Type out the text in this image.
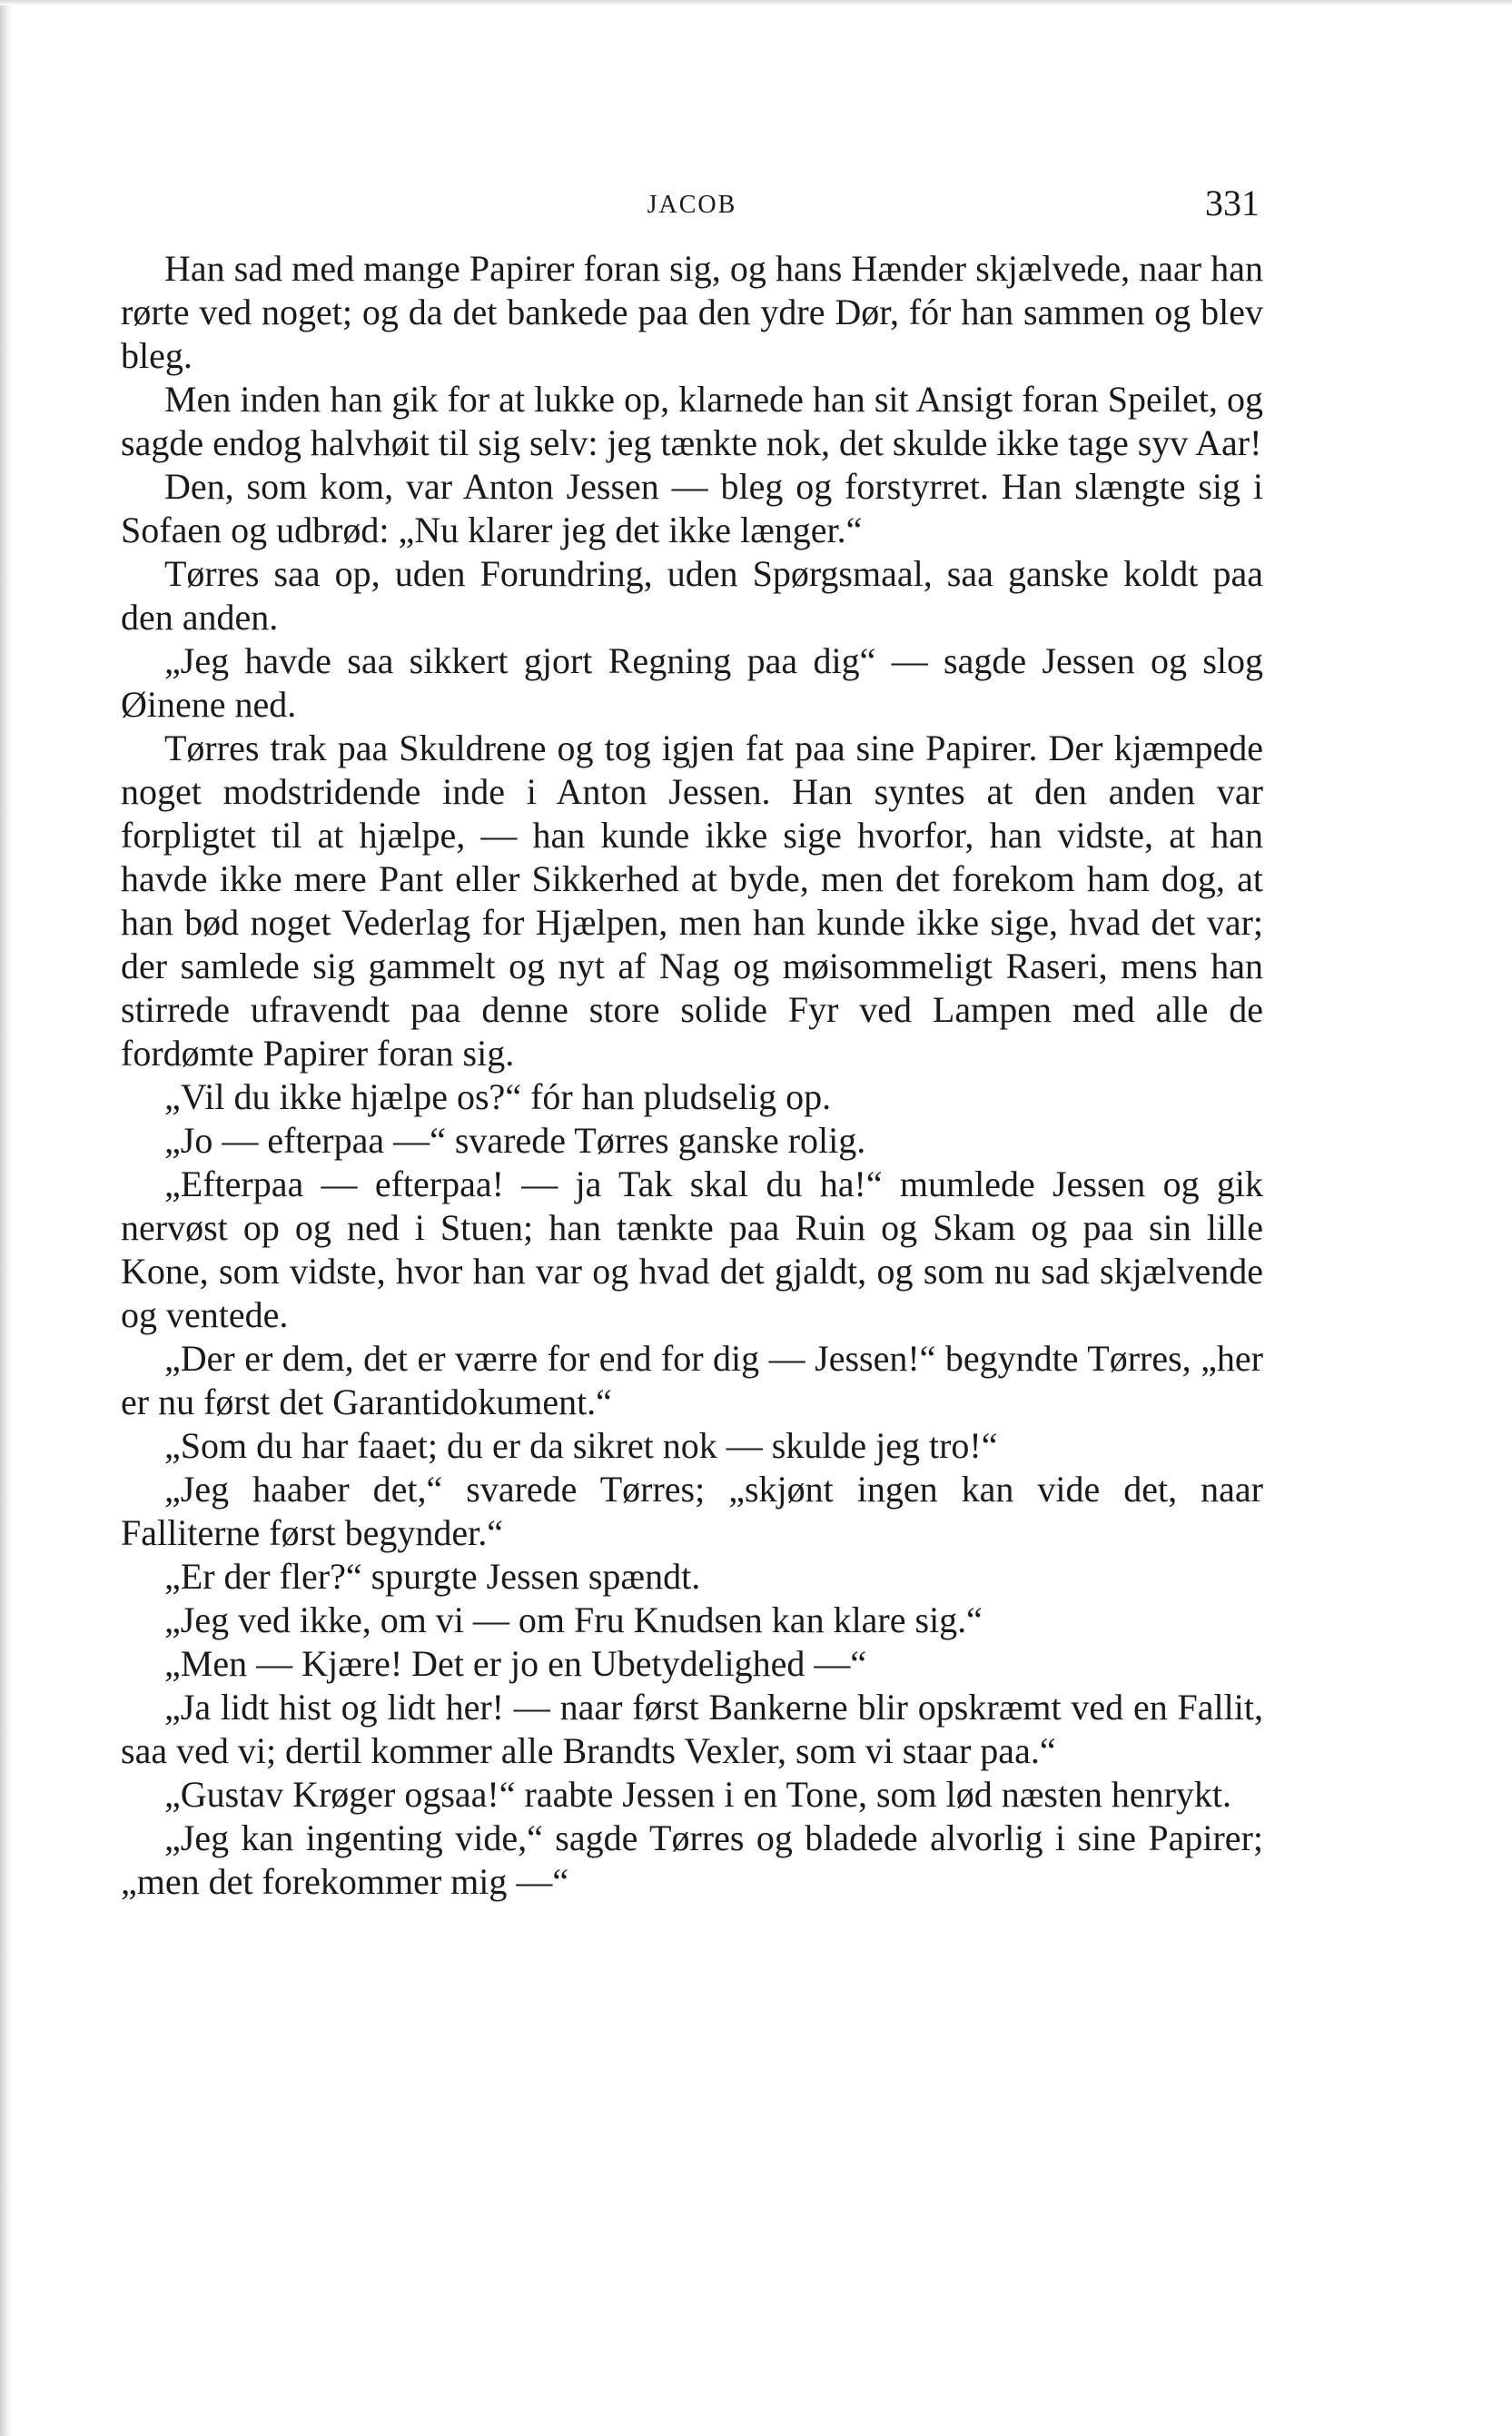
JACOB	331

Han sad med mange Papirer foran sig, og hans Hænder skjælvede, naar han rørte ved noget; og da det bankede paa den ydre Dør, fór han sammen og blev bleg.

Men inden han gik for at lukke op, klarnede han sit Ansigt foran Speilet, og sagde endog halvhøit til sig selv: jeg tænkte nok, det skulde ikke tage syv Aar!

Den, som kom, var Anton Jessen — bleg og forstyrret. Han slængte sig i Sofaen og udbrød: „Nu klarer jeg det ikke længer.“

Tørres saa op, uden Forundring, uden Spørgsmaal, saa ganske koldt paa den anden.

„Jeg havde saa sikkert gjort Regning paa dig“ — sagde Jessen og slog Øinene ned.

Tørres trak paa Skuldrene og tog igjen fat paa sine Papirer. Der kjæmpede noget modstridende inde i Anton Jessen. Han syntes at den anden var forpligtet til at hjælpe, — han kunde ikke sige hvorfor, han vidste, at han havde ikke mere Pant eller Sikkerhed at byde, men det forekom ham dog, at han bød noget Vederlag for Hjælpen, men han kunde ikke sige, hvad det var; der samlede sig gammelt og nyt af Nag og møisommeligt Raseri, mens han stirrede ufravendt paa denne store solide Fyr ved Lampen med alle de fordømte Papirer foran sig.

„Vil du ikke hjælpe os?“ fór han pludselig op.

„Jo — efterpaa —“ svarede Tørres ganske rolig.

„Efterpaa — efterpaa! — ja Tak skal du ha!“ mumlede Jessen og gik nervøst op og ned i Stuen; han tænkte paa Ruin og Skam og paa sin lille Kone, som vidste, hvor han var og hvad det gjaldt, og som nu sad skjælvende og ventede.

„Der er dem, det er værre for end for dig — Jessen!“ begyndte Tørres, „her er nu først det Garantidokument.“

„Som du har faaet; du er da sikret nok — skulde jeg tro!“

„Jeg haaber det,“ svarede Tørres; „skjønt ingen kan vide det, naar Falliterne først begynder.“

„Er der fler?“ spurgte Jessen spændt.

„Jeg ved ikke, om vi — om Fru Knudsen kan klare sig.“

„Men — Kjære! Det er jo en Ubetydelighed —“

„Ja lidt hist og lidt her! — naar først Bankerne blir opskræmt ved en Fallit, saa ved vi; dertil kommer alle Brandts Vexler, som vi staar paa.“

„Gustav Krøger ogsaa!“ raabte Jessen i en Tone, som lød næsten henrykt.

„Jeg kan ingenting vide,“ sagde Tørres og bladede alvorlig i sine Papirer; „men det forekommer mig —“
